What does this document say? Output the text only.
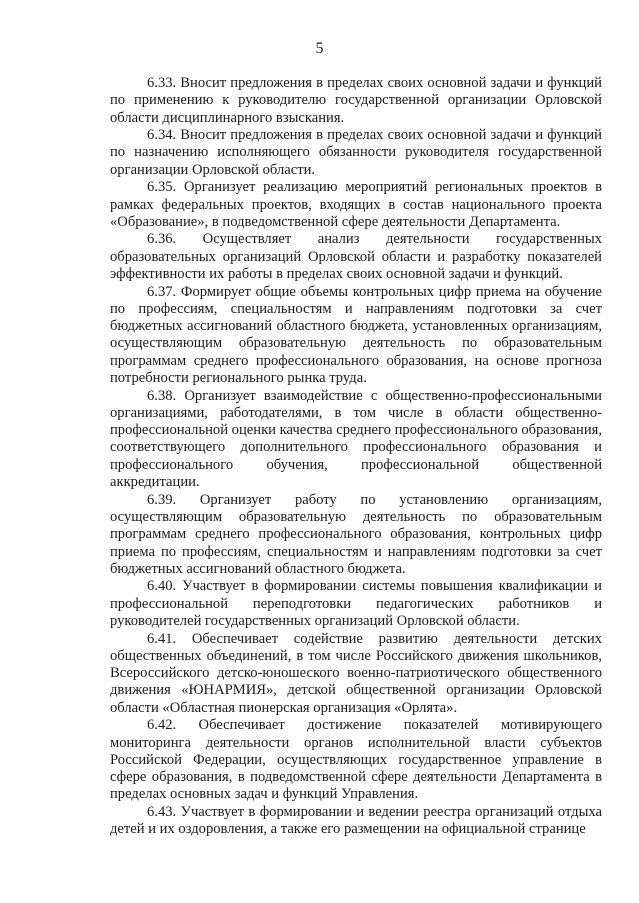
5

6.33. Вносит предложения в пределах своих основной задачи и функций по применению к руководителю государственной организации Орловской области дисциплинарного взыскания.

6.34. Вносит предложения в пределах своих основной задачи и функций по назначению исполняющего обязанности руководителя государственной организации Орловской области.

6.35. Организует реализацию мероприятий региональных проектов в рамках федеральных проектов, входящих в состав национального проекта «Образование», в подведомственной сфере деятельности Департамента.

6.36. Осуществляет анализ деятельности государственных образовательных организаций Орловской области и разработку показателей эффективности их работы в пределах своих основной задачи и функций.

6.37. Формирует общие объемы контрольных цифр приема на обучение по профессиям, специальностям и направлениям подготовки за счет бюджетных ассигнований областного бюджета, установленных организациям, осуществляющим образовательную деятельность по образовательным программам среднего профессионального образования, на основе прогноза потребности регионального рынка труда.

6.38. Организует взаимодействие с общественно-профессиональными организациями, работодателями, в том числе в области общественно-профессиональной оценки качества среднего профессионального образования, соответствующего дополнительного профессионального образования и профессионального обучения, профессиональной общественной аккредитации.

6.39. Организует работу по установлению организациям, осуществляющим образовательную деятельность по образовательным программам среднего профессионального образования, контрольных цифр приема по профессиям, специальностям и направлениям подготовки за счет бюджетных ассигнований областного бюджета.

6.40. Участвует в формировании системы повышения квалификации и профессиональной переподготовки педагогических работников и руководителей государственных организаций Орловской области.

6.41. Обеспечивает содействие развитию деятельности детских общественных объединений, в том числе Российского движения школьников, Всероссийского детско-юношеского военно-патриотического общественного движения «ЮНАРМИЯ», детской общественной организации Орловской области «Областная пионерская организация «Орлята».

6.42. Обеспечивает достижение показателей мотивирующего мониторинга деятельности органов исполнительной власти субъектов Российской Федерации, осуществляющих государственное управление в сфере образования, в подведомственной сфере деятельности Департамента в пределах основных задач и функций Управления.

6.43. Участвует в формировании и ведении реестра организаций отдыха детей и их оздоровления, а также его размещении на официальной странице
